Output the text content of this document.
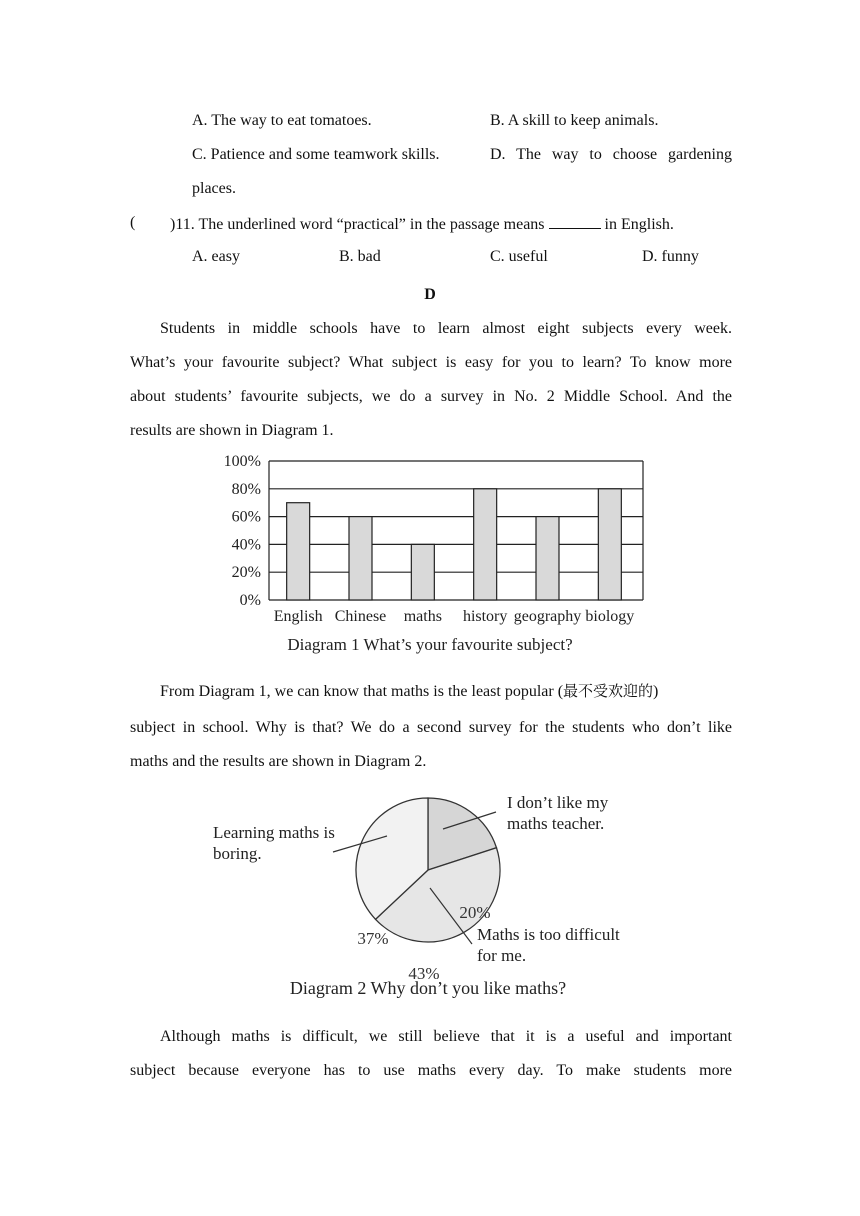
A. The way to eat tomatoes.	B. A skill to keep animals.
C. Patience and some teamwork skills.	D. The way to choose gardening
places.
( )11. The underlined word “practical” in the passage means	in English.
A. easy	B. bad	C. useful	D. funny
D
Students in middle schools have to learn almost eight subjects every week.
What’s your favourite subject? What subject is easy for you to learn? To know more
about students’ favourite subjects, we do a survey in No. 2 Middle School. And the
results are shown in Diagram 1.
100%
80%
60%
40%
20%
0%
English Chinese maths history geography biology
Diagram 1 What’s your favourite subject?
From Diagram 1, we can know that maths is the least popular (最不受欢迎的)
subject in school. Why is that? We do a second survey for the students who don’t like
maths and the results are shown in Diagram 2.
20%
I don’t like my
maths teacher.
43%
Maths is too difficult
for me.
37%
Learning maths is
boring.
Diagram 2 Why don’t you like maths?
Although maths is difficult, we still believe that it is a useful and important
subject because everyone has to use maths every day. To make students more
